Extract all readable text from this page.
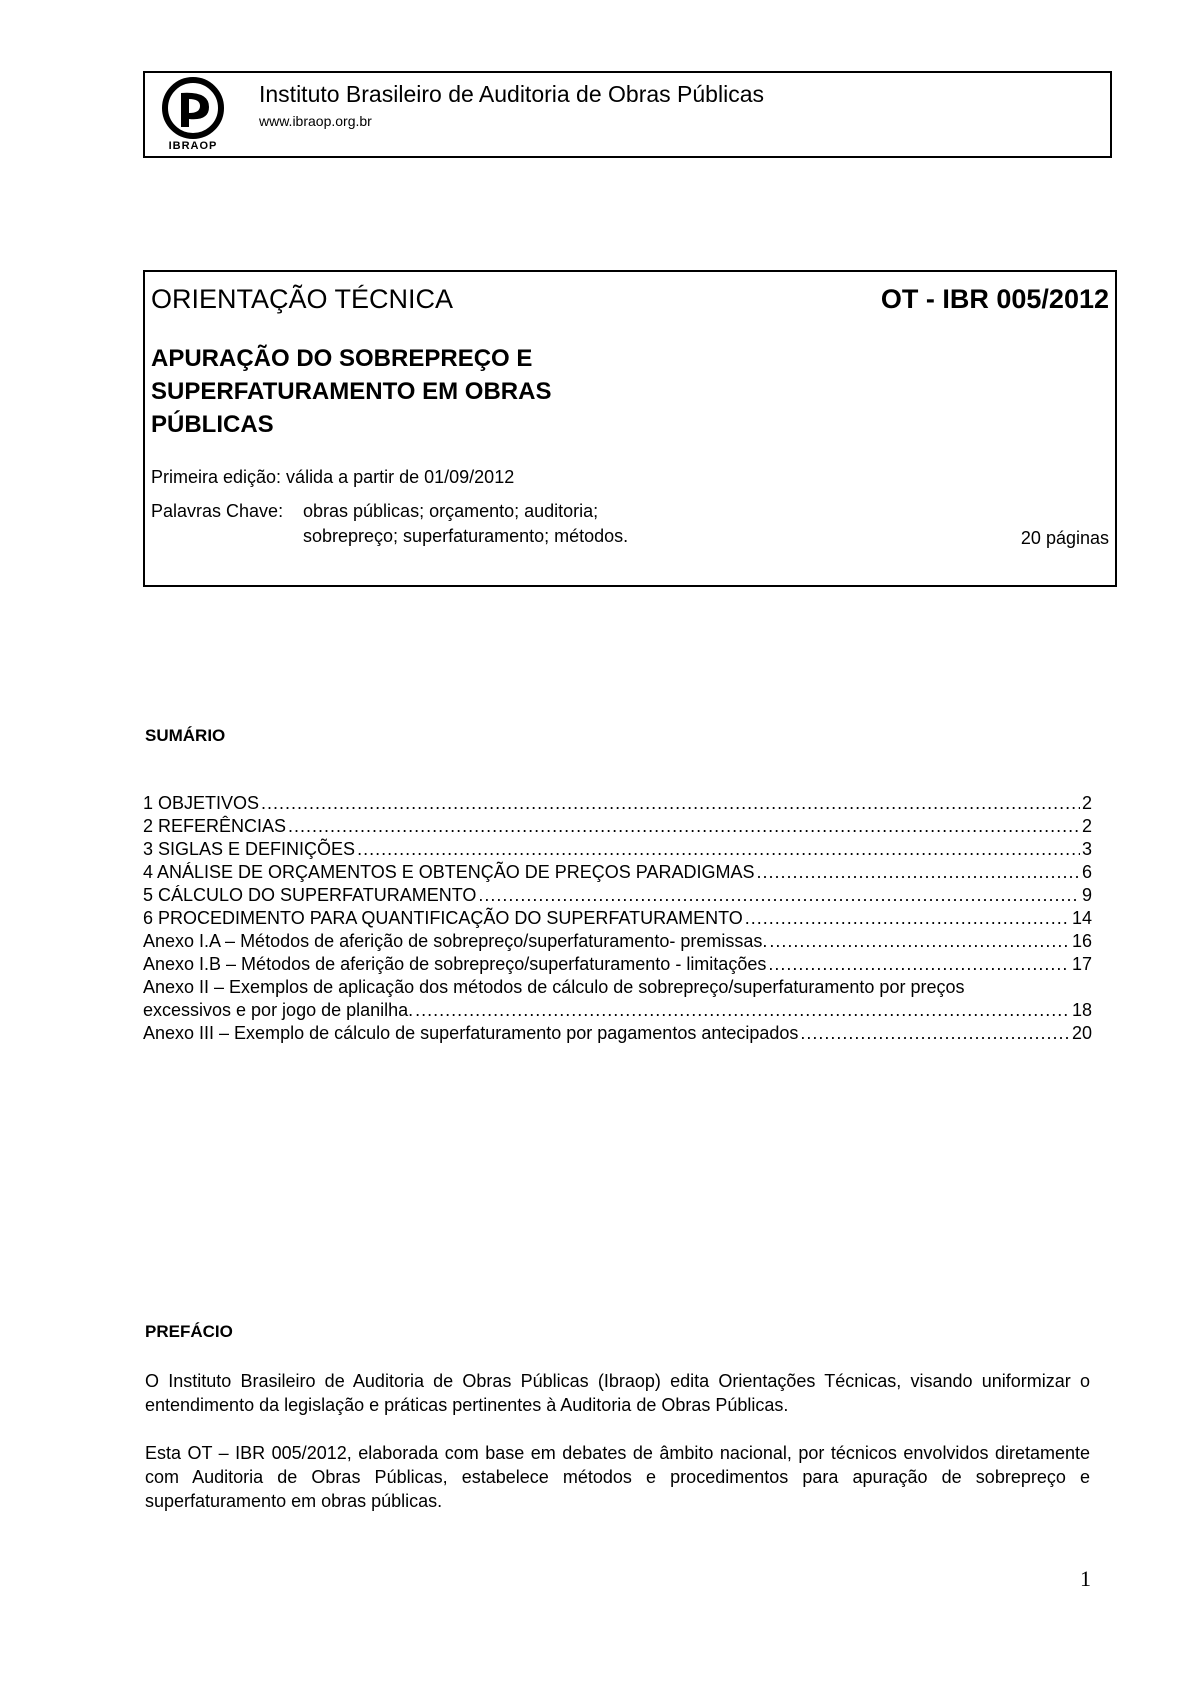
IBRAOP
Instituto Brasileiro de Auditoria de Obras Públicas
www.ibraop.org.br
ORIENTAÇÃO TÉCNICA	OT - IBR 005/2012
APURAÇÃO DO SOBREPREÇO E
SUPERFATURAMENTO EM OBRAS
PÚBLICAS
Primeira edição: válida a partir de 01/09/2012
Palavras Chave: obras públicas; orçamento; auditoria;
sobrepreço; superfaturamento; métodos.	20 páginas
SUMÁRIO
1 OBJETIVOS .....	2
2 REFERÊNCIAS .....	2
3 SIGLAS E DEFINIÇÕES .....	3
4 ANÁLISE DE ORÇAMENTOS E OBTENÇÃO DE PREÇOS PARADIGMAS .....	6
5 CÁLCULO DO SUPERFATURAMENTO .....	9
6 PROCEDIMENTO PARA QUANTIFICAÇÃO DO SUPERFATURAMENTO .....	14
Anexo I.A – Métodos de aferição de sobrepreço/superfaturamento- premissas. .....	16
Anexo I.B – Métodos de aferição de sobrepreço/superfaturamento - limitações .....	17
Anexo II – Exemplos de aplicação dos métodos de cálculo de sobrepreço/superfaturamento por preços
excessivos e por jogo de planilha. .....	18
Anexo III – Exemplo de cálculo de superfaturamento por pagamentos antecipados .....	20
PREFÁCIO
O Instituto Brasileiro de Auditoria de Obras Públicas (Ibraop) edita Orientações Técnicas, visando uniformizar o entendimento da legislação e práticas pertinentes à Auditoria de Obras Públicas.
Esta OT – IBR 005/2012, elaborada com base em debates de âmbito nacional, por técnicos envolvidos diretamente com Auditoria de Obras Públicas, estabelece métodos e procedimentos para apuração de sobrepreço e superfaturamento em obras públicas.
1
